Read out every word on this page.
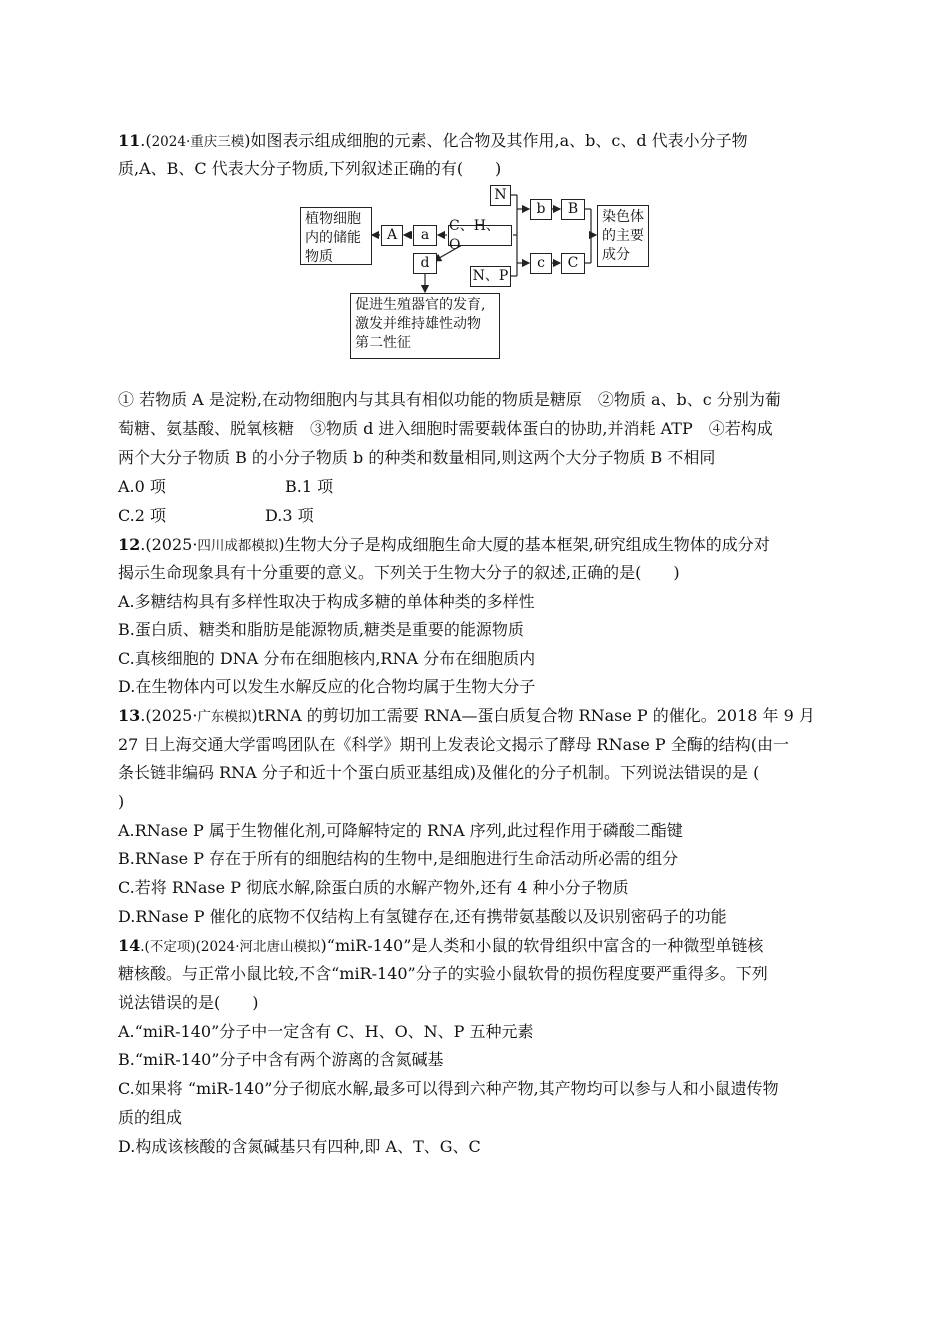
11.(2024·重庆三模)如图表示组成细胞的元素、化合物及其作用,a、b、c、d 代表小分子物
质,A、B、C 代表大分子物质,下列叙述正确的有(　　)
植物细胞
内的储能
物质
A	a
C、H、O
d
N
N、P
b	B
c	C
染色体
的主要
成分
促进生殖器官的发育,
激发并维持雄性动物
第二性征
① 若物质 A 是淀粉,在动物细胞内与其具有相似功能的物质是糖原　②物质 a、b、c 分别为葡
萄糖、氨基酸、脱氧核糖　③物质 d 进入细胞时需要载体蛋白的协助,并消耗 ATP　④若构成
两个大分子物质 B 的小分子物质 b 的种类和数量相同,则这两个大分子物质 B 不相同
A.0 项	B.1 项
C.2 项	D.3 项
12.(2025·四川成都模拟)生物大分子是构成细胞生命大厦的基本框架,研究组成生物体的成分对
揭示生命现象具有十分重要的意义。下列关于生物大分子的叙述,正确的是(　　)
A.多糖结构具有多样性取决于构成多糖的单体种类的多样性
B.蛋白质、糖类和脂肪是能源物质,糖类是重要的能源物质
C.真核细胞的 DNA 分布在细胞核内,RNA 分布在细胞质内
D.在生物体内可以发生水解反应的化合物均属于生物大分子
13.(2025·广东模拟)tRNA 的剪切加工需要 RNA—蛋白质复合物 RNase P 的催化。2018 年 9 月
27 日上海交通大学雷鸣团队在《科学》期刊上发表论文揭示了酵母 RNase P 全酶的结构(由一
条长链非编码 RNA 分子和近十个蛋白质亚基组成)及催化的分子机制。下列说法错误的是 (
)
A.RNase P 属于生物催化剂,可降解特定的 RNA 序列,此过程作用于磷酸二酯键
B.RNase P 存在于所有的细胞结构的生物中,是细胞进行生命活动所必需的组分
C.若将 RNase P 彻底水解,除蛋白质的水解产物外,还有 4 种小分子物质
D.RNase P 催化的底物不仅结构上有氢键存在,还有携带氨基酸以及识别密码子的功能
14.(不定项)(2024·河北唐山模拟)“miR-140”是人类和小鼠的软骨组织中富含的一种微型单链核
糖核酸。与正常小鼠比较,不含“miR-140”分子的实验小鼠软骨的损伤程度要严重得多。下列
说法错误的是(　　)
A.“miR-140”分子中一定含有 C、H、O、N、P 五种元素
B.“miR-140”分子中含有两个游离的含氮碱基
C.如果将 “miR-140”分子彻底水解,最多可以得到六种产物,其产物均可以参与人和小鼠遗传物
质的组成
D.构成该核酸的含氮碱基只有四种,即 A、T、G、C
